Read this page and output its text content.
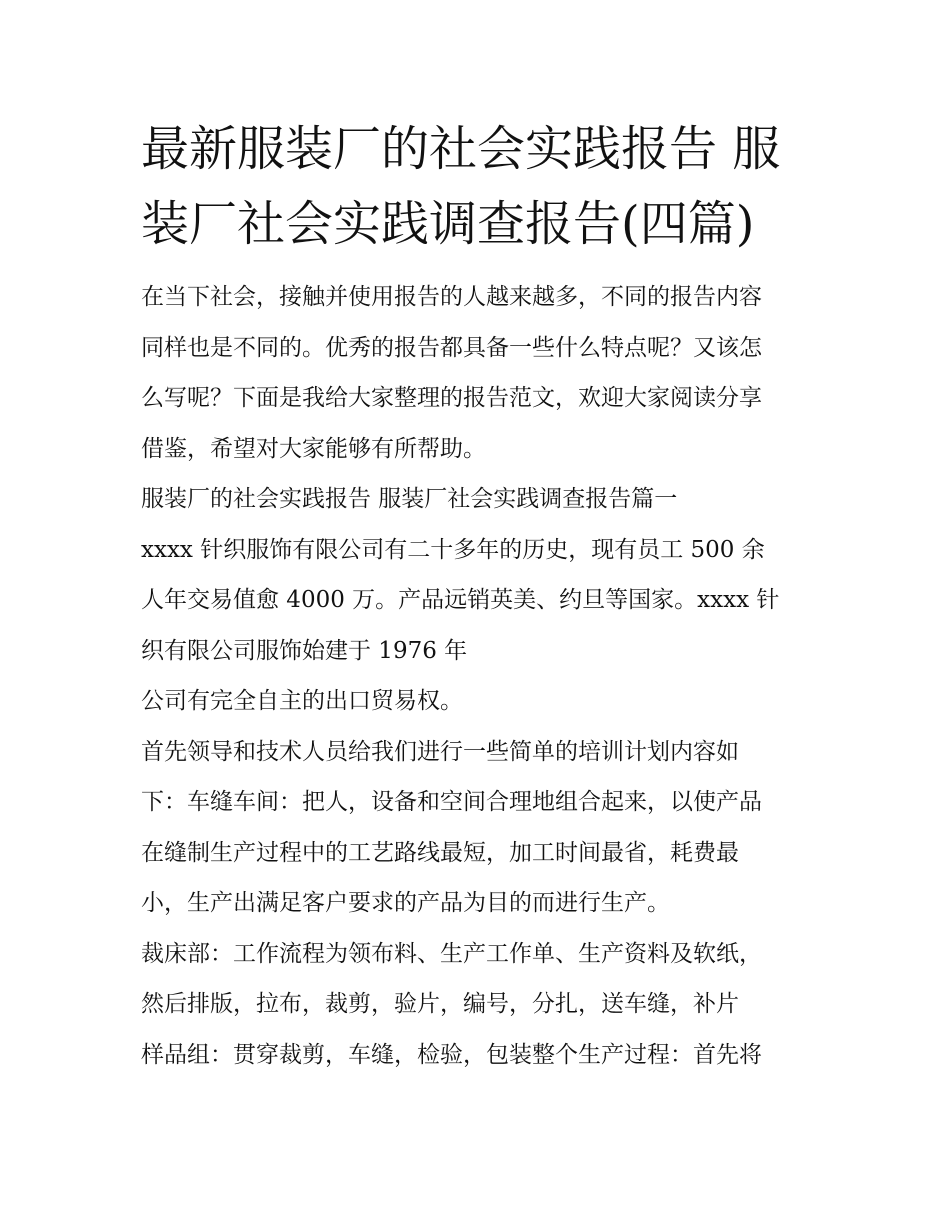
最新服装厂的社会实践报告 服
装厂社会实践调查报告(四篇)

在当下社会，接触并使用报告的人越来越多，不同的报告内容
同样也是不同的。优秀的报告都具备一些什么特点呢？又该怎
么写呢？下面是我给大家整理的报告范文，欢迎大家阅读分享
借鉴，希望对大家能够有所帮助。

服装厂的社会实践报告 服装厂社会实践调查报告篇一

xxxx 针织服饰有限公司有二十多年的历史，现有员工 500 余
人年交易值愈 4000 万。产品远销英美、约旦等国家。xxxx 针
织有限公司服饰始建于 1976 年

公司有完全自主的出口贸易权。

首先领导和技术人员给我们进行一些简单的培训计划内容如
下：车缝车间：把人，设备和空间合理地组合起来，以使产品
在缝制生产过程中的工艺路线最短，加工时间最省，耗费最
小，生产出满足客户要求的产品为目的而进行生产。

裁床部：工作流程为领布料、生产工作单、生产资料及软纸，
然后排版，拉布，裁剪，验片，编号，分扎，送车缝，补片
样品组：贯穿裁剪，车缝，检验，包装整个生产过程：首先将
